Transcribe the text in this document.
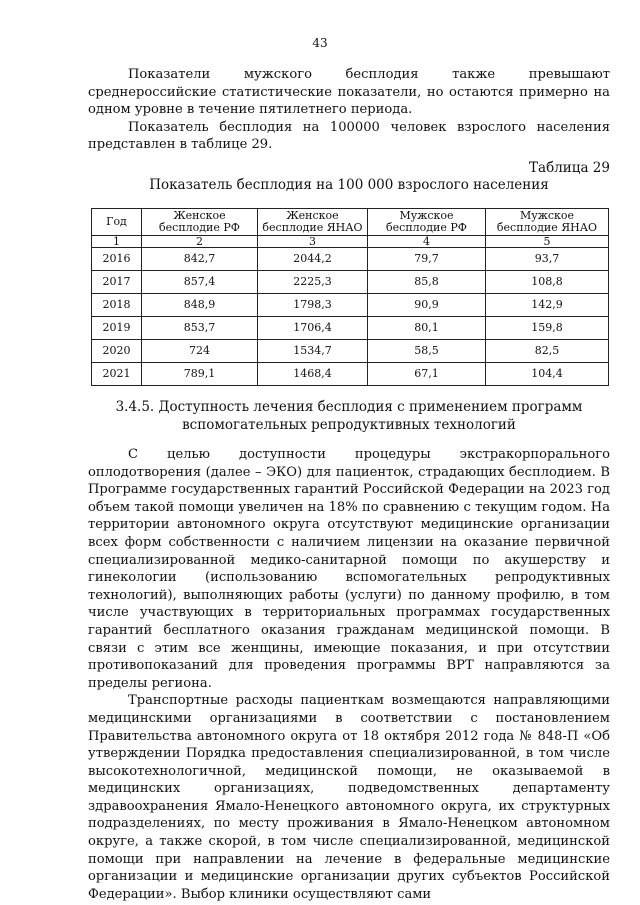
43

Показатели мужского бесплодия также превышают среднероссийские статистические показатели, но остаются примерно на одном уровне в течение пятилетнего периода.

Показатель бесплодия на 100000 человек взрослого населения представлен в таблице 29.

Таблица 29
Показатель бесплодия на 100 000 взрослого населения
Год	Женское бесплодие РФ	Женское бесплодие ЯНАО	Мужское бесплодие РФ	Мужское бесплодие ЯНАО
1	2	3	4	5
2016	842,7	2044,2	79,7	93,7
2017	857,4	2225,3	85,8	108,8
2018	848,9	1798,3	90,9	142,9
2019	853,7	1706,4	80,1	159,8
2020	724	1534,7	58,5	82,5
2021	789,1	1468,4	67,1	104,4
3.4.5. Доступность лечения бесплодия с применением программ вспомогательных репродуктивных технологий

С целью доступности процедуры экстракорпорального оплодотворения (далее – ЭКО) для пациенток, страдающих бесплодием. В Программе государственных гарантий Российской Федерации на 2023 год объем такой помощи увеличен на 18% по сравнению с текущим годом. На территории автономного округа отсутствуют медицинские организации всех форм собственности с наличием лицензии на оказание первичной специализированной медико-санитарной помощи по акушерству и гинекологии (использованию вспомогательных репродуктивных технологий), выполняющих работы (услуги) по данному профилю, в том числе участвующих в территориальных программах государственных гарантий бесплатного оказания гражданам медицинской помощи. В связи с этим все женщины, имеющие показания, и при отсутствии противопоказаний для проведения программы ВРТ направляются за пределы региона.

Транспортные расходы пациенткам возмещаются направляющими медицинскими организациями в соответствии с постановлением Правительства автономного округа от 18 октября 2012 года № 848-П «Об утверждении Порядка предоставления специализированной, в том числе высокотехнологичной, медицинской помощи, не оказываемой в медицинских организациях, подведомственных департаменту здравоохранения Ямало-Ненецкого автономного округа, их структурных подразделениях, по месту проживания в Ямало-Ненецком автономном округе, а также скорой, в том числе специализированной, медицинской помощи при направлении на лечение в федеральные медицинские организации и медицинские организации других субъектов Российской Федерации». Выбор клиники осуществляют сами
